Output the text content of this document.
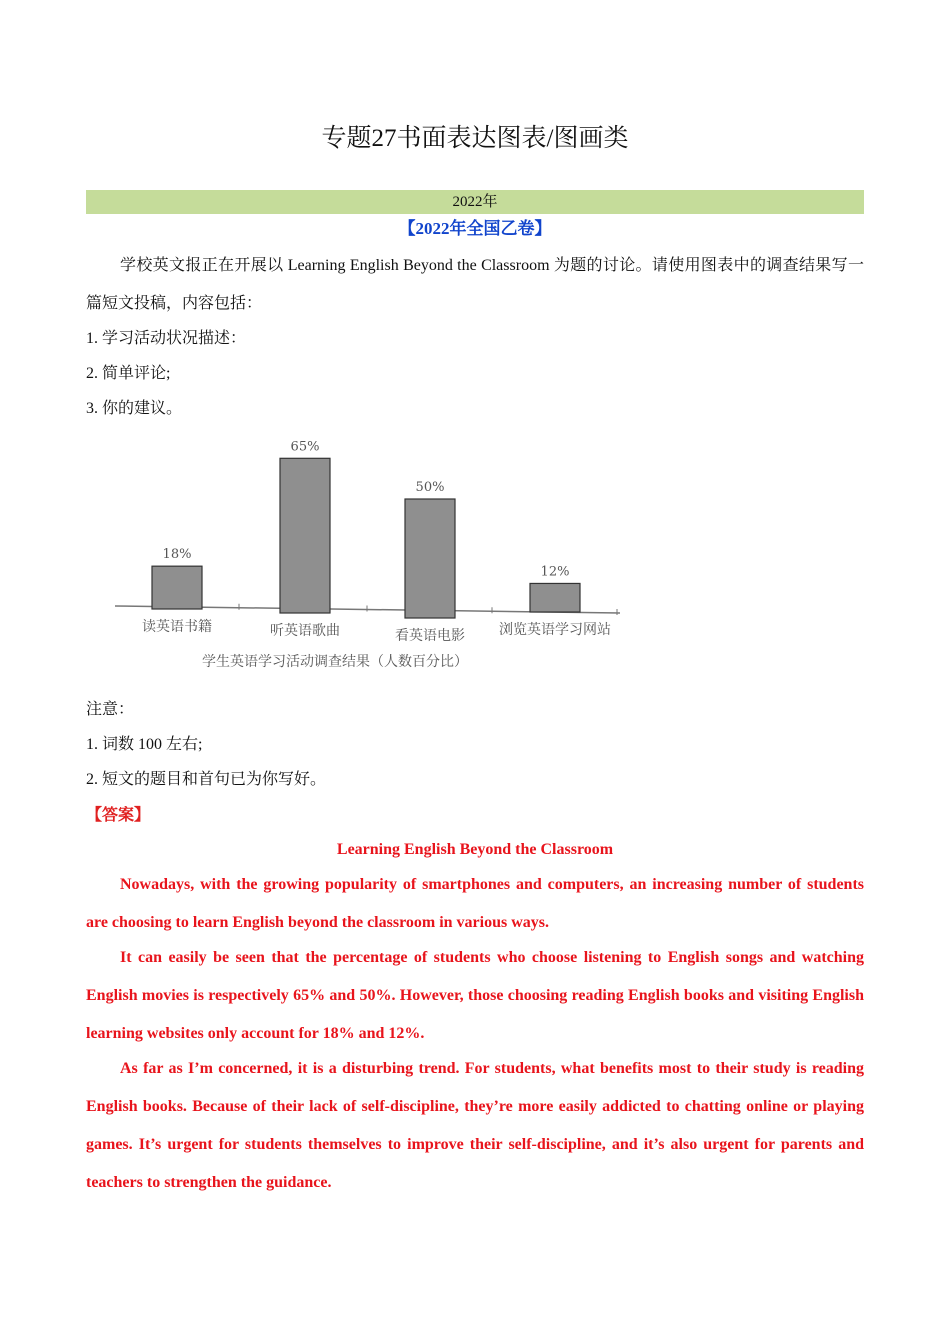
专题27书面表达图表/图画类
2022年
【2022年全国乙卷】

学校英文报正在开展以 Learning English Beyond the Classroom 为题的讨论。请使用图表中的调查结果写一篇短文投稿，内容包括：

1. 学习活动状况描述：
2. 简单评论;
3. 你的建议。
18%
读英语书籍
65%
听英语歌曲
50%
看英语电影
12%
浏览英语学习网站
学生英语学习活动调查结果（人数百分比）
注意：
1. 词数 100 左右;
2. 短文的题目和首句已为你写好。
【答案】
Learning English Beyond the Classroom

Nowadays, with the growing popularity of smartphones and computers, an increasing number of students are choosing to learn English beyond the classroom in various ways.

It can easily be seen that the percentage of students who choose listening to English songs and watching English movies is respectively 65% and 50%. However, those choosing reading English books and visiting English learning websites only account for 18% and 12%.

As far as I’m concerned, it is a disturbing trend. For students, what benefits most to their study is reading English books. Because of their lack of self-discipline, they’re more easily addicted to chatting online or playing games. It’s urgent for students themselves to improve their self-discipline, and it’s also urgent for parents and teachers to strengthen the guidance.
